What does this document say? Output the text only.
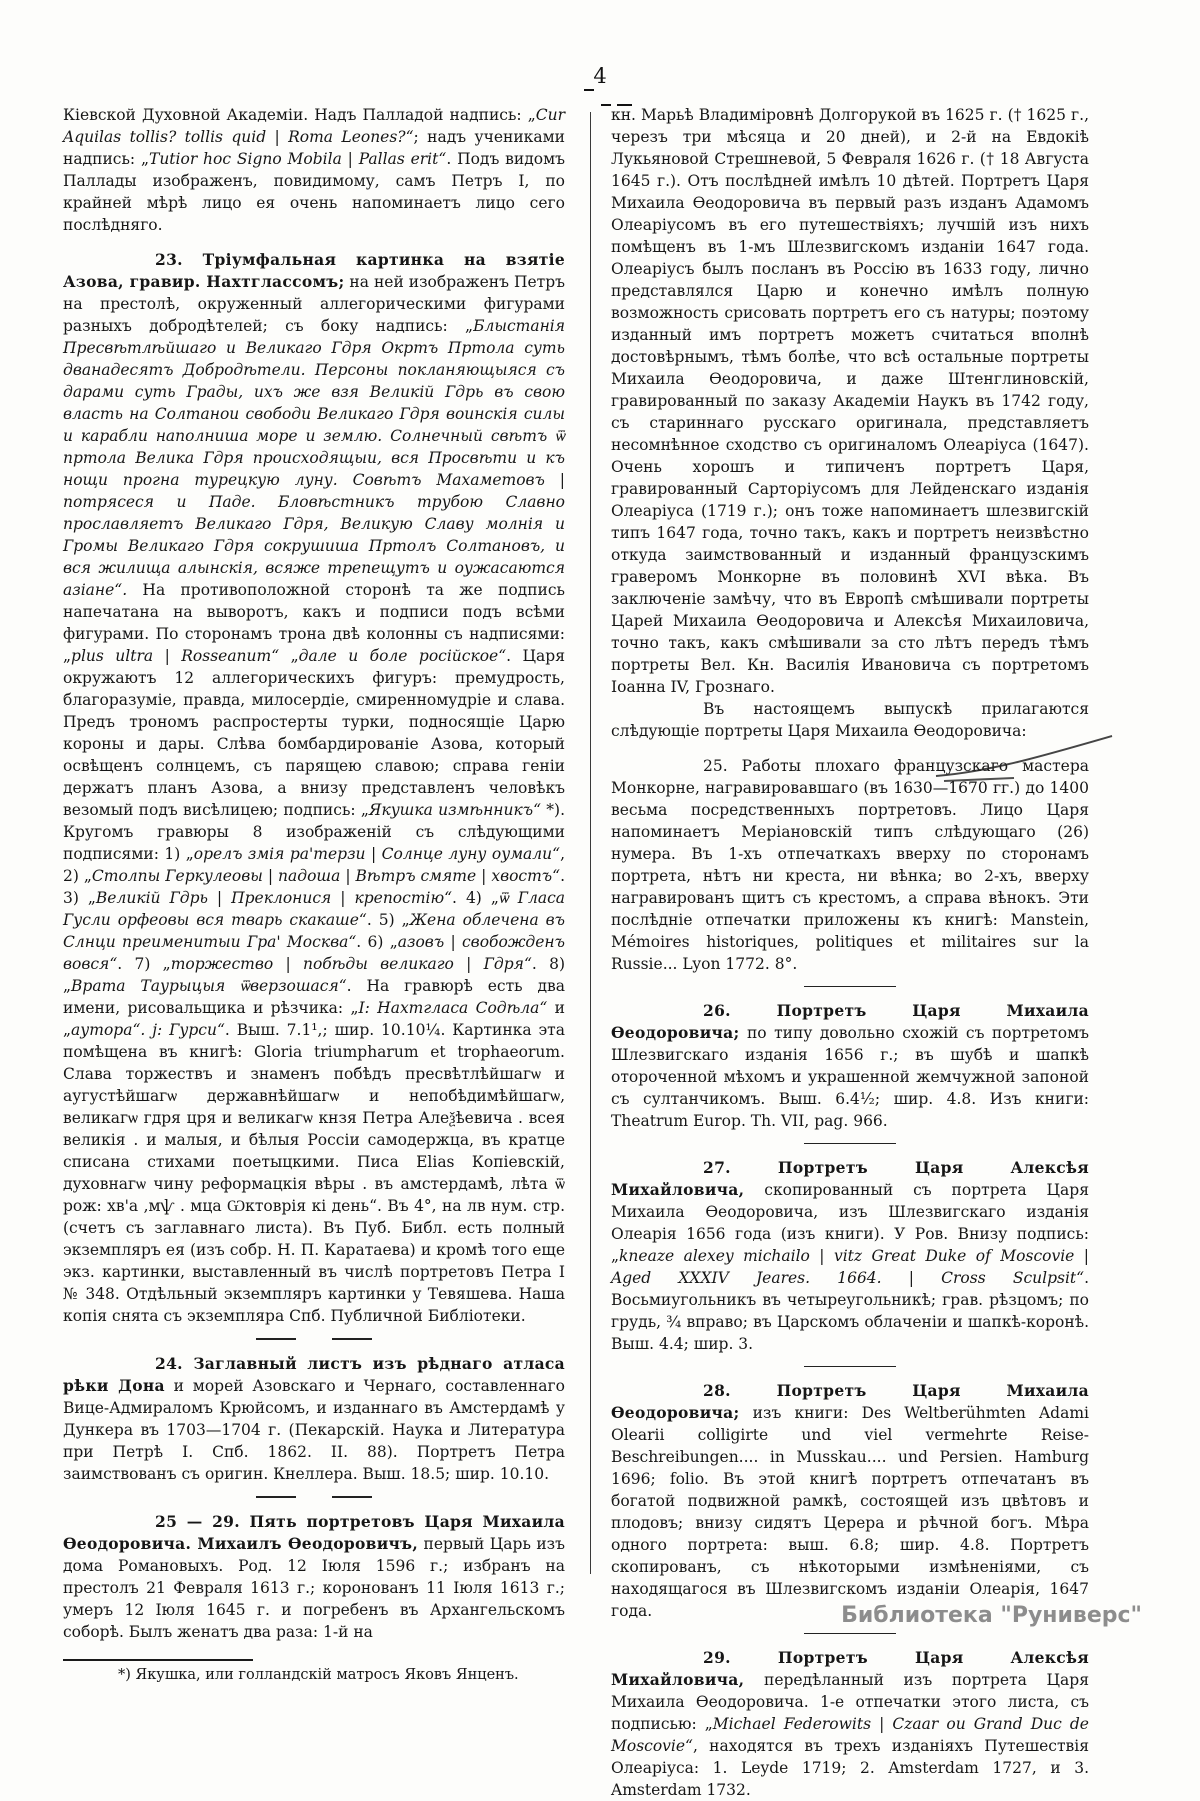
4

Кіевской Духовной Академіи. Надъ Палладой надпись: „Cur Aquilas tollis? tollis quid | Roma Leones?“; надъ учениками надпись: „Tutior hoc Signo Mobila | Pallas erit“. Подъ видомъ Паллады изображенъ, повидимому, самъ Петръ I, по крайней мѣрѣ лицо ея очень напоминаетъ лицо сего послѣдняго.

23. Тріумфальная картинка на взятіе Азова, гравир. Нахтглассомъ; на ней изображенъ Петръ на престолѣ, окруженный аллегорическими фигурами разныхъ добродѣтелей; съ боку надпись: „Блыстанія Пресвѣтлѣйшаго и Великаго Гдря Окртъ Пртола суть дванадесятъ Добродѣтели. Персоны покланяющыяся съ дарами суть Грады, ихъ же взя Великій Гдрь въ свою власть на Солтанои свободи Великаго Гдря воинскія силы и карабли наполниша море и землю. Солнечный свѣтъ ѿ пртола Велика Гдря происходящыи, вся Просвѣти и къ нощи прогна турецкую луну. Совѣтъ Махаметовъ | потрясеся и Паде. Бловѣстникъ трубою Славно прославляетъ Великаго Гдря, Великую Славу молнія и Громы Великаго Гдря сокрушиша Пртолъ Солтановъ, и вся жилища алынскія, всяже трепещутъ и оужасаются азіане“. На противоположной сторонѣ та же подпись напечатана на выворотъ, какъ и подписи подъ всѣми фигурами. По сторонамъ трона двѣ колонны съ надписями: „plus ultra | Rosseanum“ „дале и боле російское“. Царя окружаютъ 12 аллегорическихъ фигуръ: премудрость, благоразуміе, правда, милосердіе, смиренномудріе и слава. Предъ трономъ распростерты турки, подносящіе Царю короны и дары. Слѣва бомбардированіе Азова, который освѣщенъ солнцемъ, съ парящею славою; справа геніи держатъ планъ Азова, а внизу представленъ человѣкъ везомый подъ висѣлицею; подпись: „Якушка измѣнникъ“ *). Кругомъ гравюры 8 изображеній съ слѣдующими подписями: 1) „орелъ змія ра'терзи | Солнце луну оумали“, 2) „Столпы Геркулеовы | падоша | Вѣтръ смяте | хвостъ“. 3) „Великій Гдрь | Преклонися | крепостію“. 4) „ѿ Гласа Гусли орфеовы вся тварь скакаше“. 5) „Жена облечена въ Слнци преименитыи Гра' Москва“. 6) „азовъ | свобожденъ вовся“. 7) „торжество | побѣды великаго | Гдря“. 8) „Врата Таурыцыя ѿверзошася“. На гравюрѣ есть два имени, рисовальщика и рѣзчика: „I: Нахтгласа Содѣла“ и „аутора“. ј: Гурси“. Выш. 7.1¹,; шир. 10.10¼. Картинка эта помѣщена въ книгѣ: Gloria triumpharum et trophaeorum. Слава торжествъ и знаменъ побѣдъ пресвѣтлѣйшагѡ и аугустѣйшагѡ державнѣйшагѡ и непобѣдимѣйшагѡ, великагѡ гдря цря и великагѡ кнзя Петра Алеѯѣевича . всея великія . и малыя, и бѣлыя Россіи самодержца, въ кратце списана стихами поетыцкими. Писа Elias Копіевскій, духовнагѡ чину реформацкія вѣры . въ амстердамѣ, лѣта ѿ рож: хв'а ‚мѱ . мца Ѡктоврія кі день“. Въ 4°, на лв нум. стр. (счетъ съ заглавнаго листа). Въ Пуб. Библ. есть полный экземпляръ ея (изъ собр. Н. П. Каратаева) и кромѣ того еще экз. картинки, выставленный въ числѣ портретовъ Петра I № 348. Отдѣльный экземпляръ картинки у Тевяшева. Наша копія снята съ экземпляра Спб. Публичной Библіотеки.

24. Заглавный листъ изъ рѣднаго атласа рѣки Дона и морей Азовскаго и Чернаго, составленнаго Вице-Адмираломъ Крюйсомъ, и изданнаго въ Амстердамѣ у Дункера въ 1703—1704 г. (Пекарскій. Наука и Литература при Петрѣ I. Спб. 1862. II. 88). Портретъ Петра заимствованъ съ оригин. Кнеллера. Выш. 18.5; шир. 10.10.

25 — 29. Пять портретовъ Царя Михаила Ѳеодоровича. Михаилъ Ѳеодоровичъ, первый Царь изъ дома Романовыхъ. Род. 12 Іюля 1596 г.; избранъ на престолъ 21 Февраля 1613 г.; коронованъ 11 Іюля 1613 г.; умеръ 12 Іюля 1645 г. и погребенъ въ Архангельскомъ соборѣ. Былъ женатъ два раза: 1-й на

*) Якушка, или голландскій матросъ Яковъ Янценъ.

кн. Марьѣ Владиміровнѣ Долгорукой въ 1625 г. († 1625 г., черезъ три мѣсяца и 20 дней), и 2-й на Евдокіѣ Лукьяновой Стрешневой, 5 Февраля 1626 г. († 18 Августа 1645 г.). Отъ послѣдней имѣлъ 10 дѣтей. Портретъ Царя Михаила Ѳеодоровича въ первый разъ изданъ Адамомъ Олеаріусомъ въ его путешествіяхъ; лучшій изъ нихъ помѣщенъ въ 1-мъ Шлезвигскомъ изданіи 1647 года. Олеаріусъ былъ посланъ въ Россію въ 1633 году, лично представлялся Царю и конечно имѣлъ полную возможность срисовать портретъ его съ натуры; поэтому изданный имъ портретъ можетъ считаться вполнѣ достовѣрнымъ, тѣмъ болѣе, что всѣ остальные портреты Михаила Ѳеодоровича, и даже Штенглиновскій, гравированный по заказу Академіи Наукъ въ 1742 году, съ стариннаго русскаго оригинала, представляетъ несомнѣнное сходство съ оригиналомъ Олеаріуса (1647). Очень хорошъ и типиченъ портретъ Царя, гравированный Сарторіусомъ для Лейденскаго изданія Олеаріуса (1719 г.); онъ тоже напоминаетъ шлезвигскій типъ 1647 года, точно такъ, какъ и портретъ неизвѣстно откуда заимствованный и изданный французскимъ граверомъ Монкорне въ половинѣ XVI вѣка. Въ заключеніе замѣчу, что въ Европѣ смѣшивали портреты Царей Михаила Ѳеодоровича и Алексѣя Михаиловича, точно такъ, какъ смѣшивали за сто лѣтъ передъ тѣмъ портреты Вел. Кн. Василія Ивановича съ портретомъ Іоанна IV, Грознаго.

Въ настоящемъ выпускѣ прилагаются слѣдующіе портреты Царя Михаила Ѳеодоровича:

25. Работы плохаго французскаго мастера Монкорне, награвировавшаго (въ 1630—1670 гг.) до 1400 весьма посредственныхъ портретовъ. Лицо Царя напоминаетъ Меріановскій типъ слѣдующаго (26) нумера. Въ 1-хъ отпечаткахъ вверху по сторонамъ портрета, нѣтъ ни креста, ни вѣнка; во 2-хъ, вверху награвированъ щитъ съ крестомъ, а справа вѣнокъ. Эти послѣдніе отпечатки приложены къ книгѣ: Manstein, Mémoires historiques, politiques et militaires sur la Russie... Lyon 1772. 8°.

26. Портретъ Царя Михаила Ѳеодоровича; по типу довольно схожій съ портретомъ Шлезвигскаго изданія 1656 г.; въ шубѣ и шапкѣ отороченной мѣхомъ и украшенной жемчужной запоной съ султанчикомъ. Выш. 6.4¹⁄₂; шир. 4.8. Изъ книги: Theatrum Europ. Th. VII, pag. 966.

27. Портретъ Царя Алексѣя Михайловича, скопированный съ портрета Царя Михаила Ѳеодоровича, изъ Шлезвигскаго изданія Олеарія 1656 года (изъ книги). У Ров. Внизу подпись: „kneaze alexey michailo | vitz Great Duke of Moscovie | Aged XXXIV Jeares. 1664. | Cross Sculpsit“. Восьмиугольникъ въ четыреугольникѣ; грав. рѣзцомъ; по грудь, ¾ вправо; въ Царскомъ облаченіи и шапкѣ-коронѣ. Выш. 4.4; шир. 3.

28. Портретъ Царя Михаила Ѳеодоровича; изъ книги: Des Weltberühmten Adami Olearii colligirte und viel vermehrte Reise-Beschreibungen.... in Musskau.... und Persien. Hamburg 1696; folio. Въ этой книгѣ портретъ отпечатанъ въ богатой подвижной рамкѣ, состоящей изъ цвѣтовъ и плодовъ; внизу сидятъ Церера и рѣчной богъ. Мѣра одного портрета: выш. 6.8; шир. 4.8. Портретъ скопированъ, съ нѣкоторыми измѣненіями, съ находящагося въ Шлезвигскомъ изданіи Олеарія, 1647 года.

29. Портретъ Царя Алексѣя Михайловича, передѣланный изъ портрета Царя Михаила Ѳеодоровича. 1-е отпечатки этого листа, съ подписью: „Michael Federowits | Czaar ou Grand Duc de Moscovie“, находятся въ трехъ изданіяхъ Путешествія Олеаріуса: 1. Leyde 1719; 2. Amsterdam 1727, и 3. Amsterdam 1732.

Библиотека "Руниверс"
